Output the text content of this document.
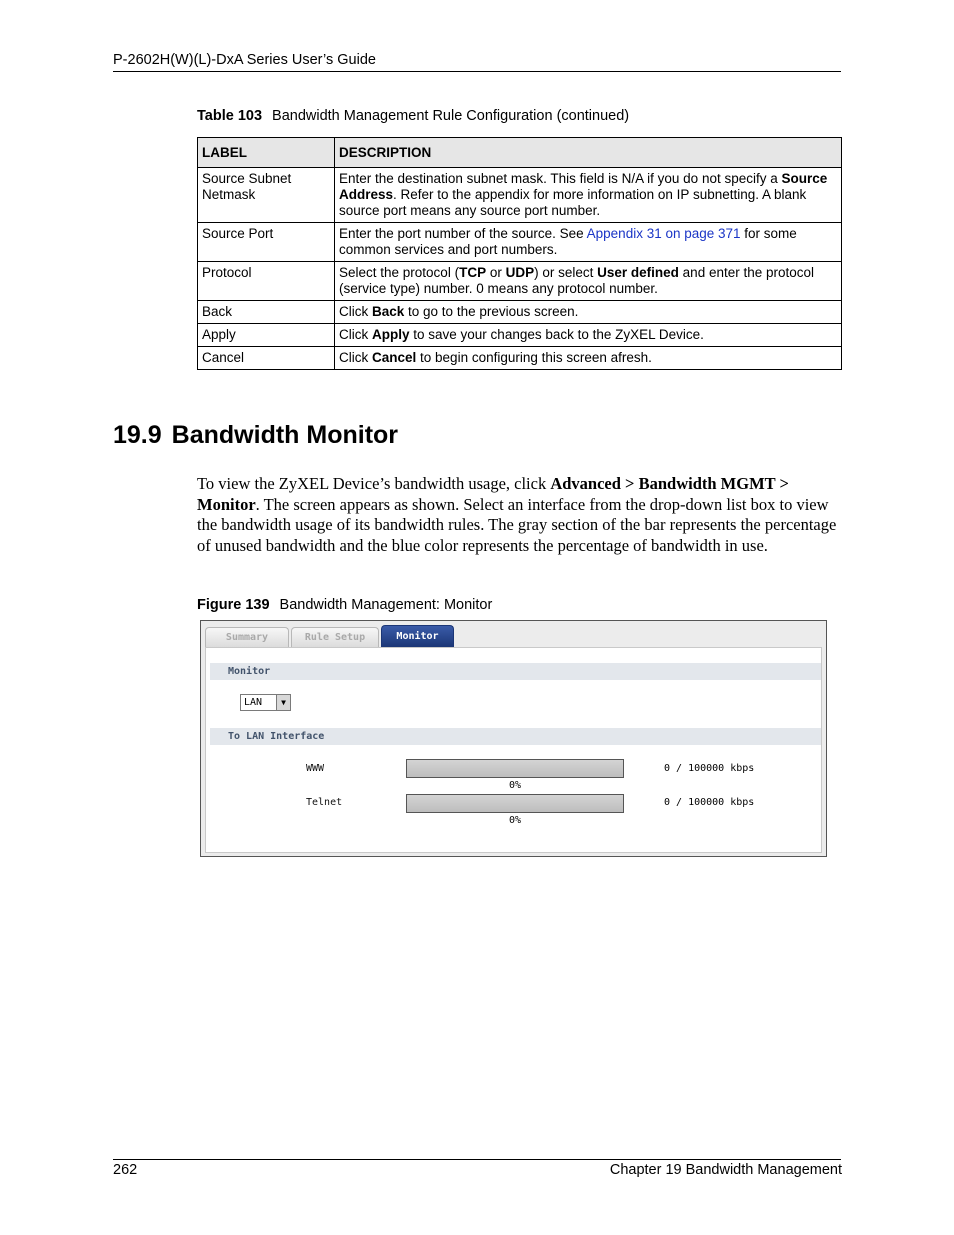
P-2602H(W)(L)-DxA Series User’s Guide
Table 103 Bandwidth Management Rule Configuration (continued)
LABEL	DESCRIPTION
Source Subnet Netmask	Enter the destination subnet mask. This field is N/A if you do not specify a Source Address. Refer to the appendix for more information on IP subnetting. A blank source port means any source port number.
Source Port	Enter the port number of the source. See Appendix 31 on page 371 for some common services and port numbers.
Protocol	Select the protocol (TCP or UDP) or select User defined and enter the protocol (service type) number. 0 means any protocol number.
Back	Click Back to go to the previous screen.
Apply	Click Apply to save your changes back to the ZyXEL Device.
Cancel	Click Cancel to begin configuring this screen afresh.
19.9 Bandwidth Monitor
To view the ZyXEL Device’s bandwidth usage, click Advanced > Bandwidth MGMT > Monitor. The screen appears as shown. Select an interface from the drop-down list box to view the bandwidth usage of its bandwidth rules. The gray section of the bar represents the percentage of unused bandwidth and the blue color represents the percentage of bandwidth in use.
Figure 139 Bandwidth Management: Monitor
Summary	Rule Setup	Monitor
Monitor
LAN	▼
To LAN Interface
WWW
0%
0 / 100000 kbps
Telnet
0%
0 / 100000 kbps
262	Chapter 19 Bandwidth Management
